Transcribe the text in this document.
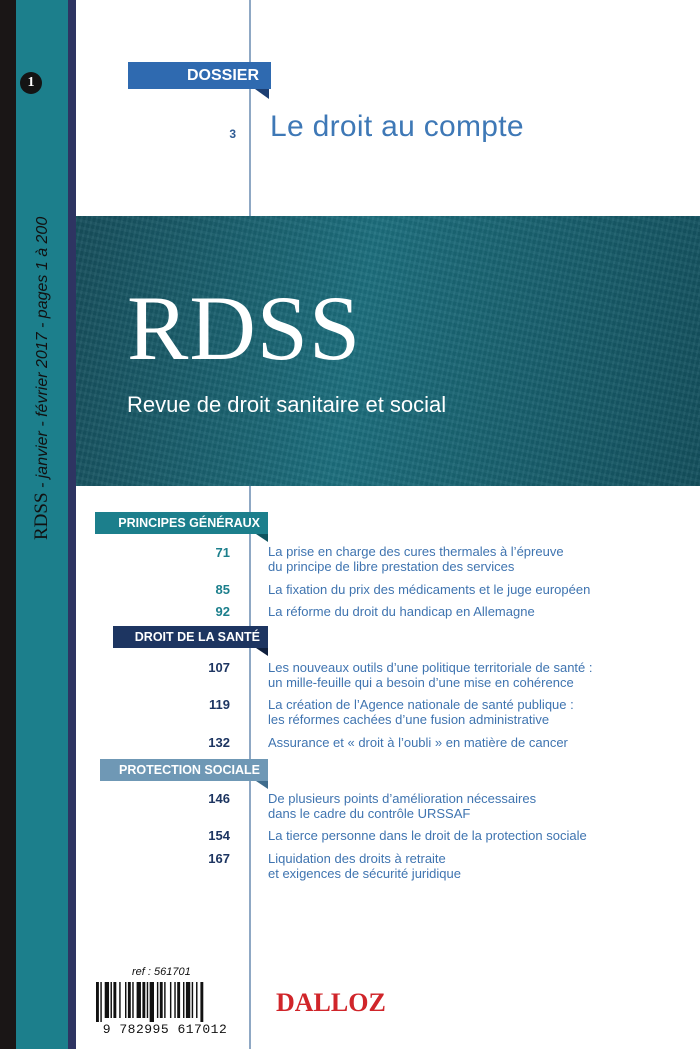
1
RDSS - janvier - février 2017 - pages 1 à 200
DOSSIER
3 Le droit au compte
RDSS
Revue de droit sanitaire et social
PRINCIPES GÉNÉRAUX
71	La prise en charge des cures thermales à l’épreuve
du principe de libre prestation des services
85	La fixation du prix des médicaments et le juge européen
92	La réforme du droit du handicap en Allemagne
DROIT DE LA SANTÉ
107	Les nouveaux outils d’une politique territoriale de santé :
un mille-feuille qui a besoin d’une mise en cohérence
119	La création de l’Agence nationale de santé publique :
les réformes cachées d’une fusion administrative
132	Assurance et « droit à l’oubli » en matière de cancer
PROTECTION SOCIALE
146	De plusieurs points d’amélioration nécessaires
dans le cadre du contrôle URSSAF
154	La tierce personne dans le droit de la protection sociale
167	Liquidation des droits à retraite
et exigences de sécurité juridique
ref : 561701
9 782995 617012
DALLOZ
